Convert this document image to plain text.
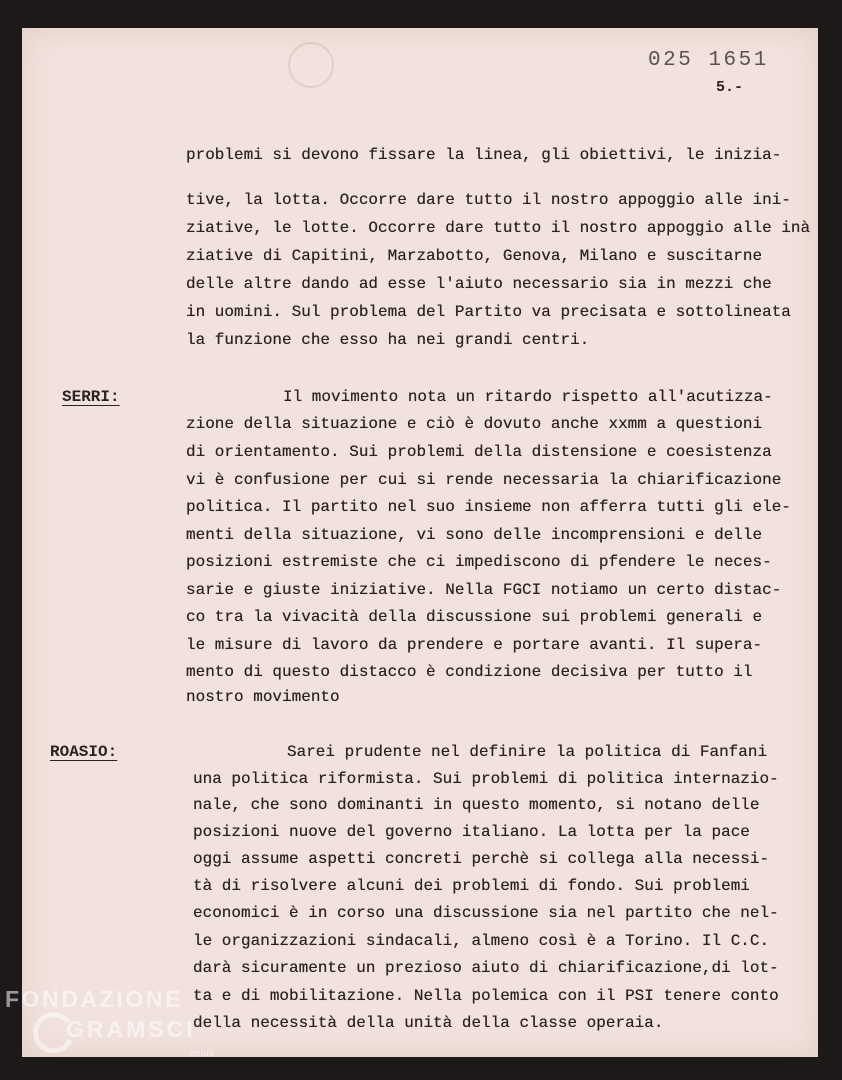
025 1651
5.-
problemi si devono fissare la linea, gli obiettivi, le inizia-
tive, la lotta. Occorre dare tutto il nostro appoggio alle ini-
ziative, le lotte. Occorre dare tutto il nostro appoggio alle inà
ziative di Capitini, Marzabotto, Genova, Milano e suscitarne
delle altre dando ad esse l'aiuto necessario sia in mezzi che
in uomini. Sul problema del Partito va precisata e sottolineata
la funzione che esso ha nei grandi centri.
SERRI:	Il movimento nota un ritardo rispetto all'acutizza-
zione della situazione e ciò è dovuto anche xxmm a questioni
di orientamento. Sui problemi della distensione e coesistenza
vi è confusione per cui si rende necessaria la chiarificazione
politica. Il partito nel suo insieme non afferra tutti gli ele-
menti della situazione, vi sono delle incomprensioni e delle
posizioni estremiste che ci impediscono di pfendere le neces-
sarie e giuste iniziative. Nella FGCI notiamo un certo distac-
co tra la vivacità della discussione sui problemi generali e
le misure di lavoro da prendere e portare avanti. Il supera-
mento di questo distacco è condizione decisiva per tutto il
nostro movimento
ROASIO:	Sarei prudente nel definire la politica di Fanfani
una politica riformista. Sui problemi di politica internazio-
nale, che sono dominanti in questo momento, si notano delle
posizioni nuove del governo italiano. La lotta per la pace
oggi assume aspetti concreti perchè si collega alla necessi-
tà di risolvere alcuni dei problemi di fondo. Sui problemi
economici è in corso una discussione sia nel partito che nel-
le organizzazioni sindacali, almeno così è a Torino. Il C.C.
darà sicuramente un prezioso aiuto di chiarificazione,di lot-
ta e di mobilitazione. Nella polemica con il PSI tenere conto
della necessità della unità della classe operaia.
FONDAZIONE
GRAMSCI
onlus
